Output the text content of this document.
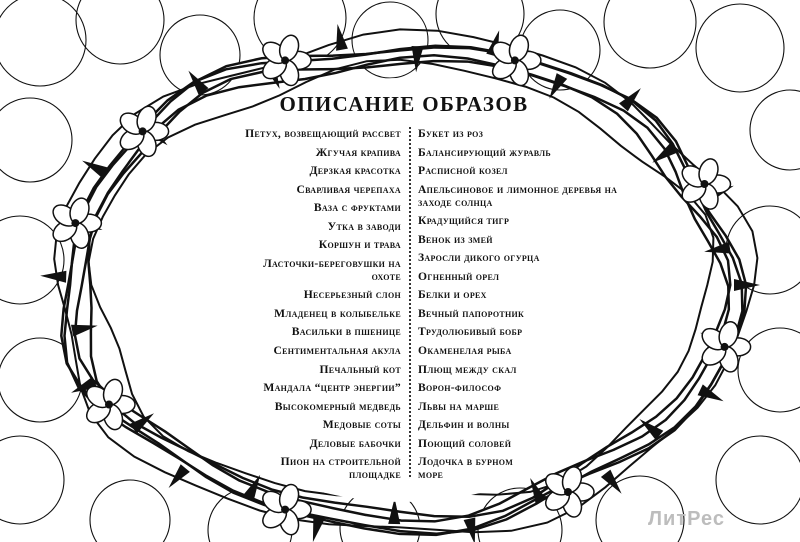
ОПИСАНИЕ ОБРАЗОВ
Петух, возвещающий рассвет
Жгучая крапива
Дерзкая красотка
Сварливая черепаха
Ваза с фруктами
Утка в заводи
Коршун и трава
Ласточки-береговушки на охоте
Несерьезный слон
Младенец в колыбельке
Васильки в пшенице
Сентиментальная акула
Печальный кот
Мандала “центр энергии”
Высокомерный медведь
Медовые соты
Деловые бабочки
Пион на строительной площадке
Букет из роз
Балансирующий журавль
Расписной козел
Апельсиновое и лимонное деревья на заходе солнца
Крадущийся тигр
Венок из змей
Заросли дикого огурца
Огненный орел
Белки и орех
Вечный папоротник
Трудолюбивый бобр
Окаменелая рыба
Плющ между скал
Ворон-философ
Львы на марше
Дельфин и волны
Поющий соловей
Лодочка в бурном море
ЛитРес
